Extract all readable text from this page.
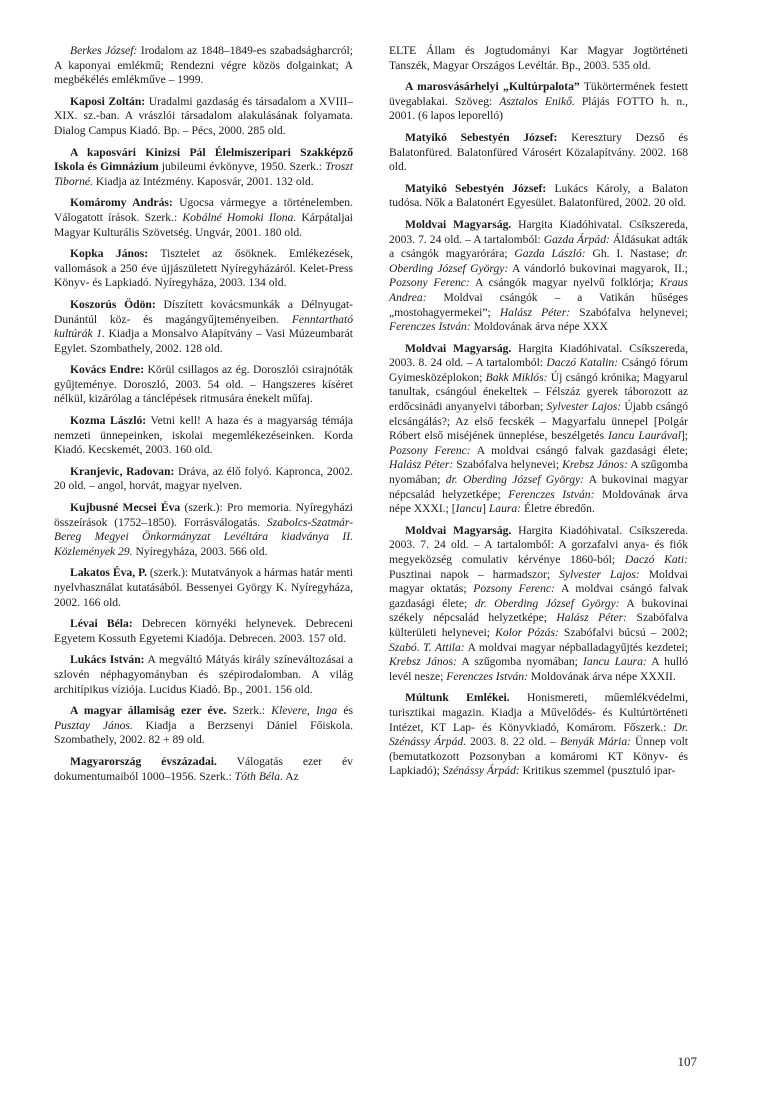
Berkes József: Irodalom az 1848–1849-es szabadságharcról; A kaponyai emlékmű; Rendezni végre közös dolgainkat; A megbékélés emlékműve – 1999.

Kaposi Zoltán: Uradalmi gazdaság és társadalom a XVIII–XIX. sz.-ban. A vrászlói társadalom alakulásának folyamata. Dialog Campus Kiadó. Bp. – Pécs, 2000. 285 old.

A kaposvári Kinizsi Pál Élelmiszeripari Szakképző Iskola és Gimnázium jubileumi évkönyve, 1950. Szerk.: Troszt Tiborné. Kiadja az Intézmény. Kaposvár, 2001. 132 old.

Komáromy András: Ugocsa vármegye a történelemben. Válogatott írások. Szerk.: Kobálné Homoki Ilona. Kárpátaljai Magyar Kulturális Szövetség. Ungvár, 2001. 180 old.

Kopka János: Tisztelet az ősöknek. Emlékezések, vallomások a 250 éve újjászületett Nyíregyházáról. Kelet-Press Könyv- és Lapkiadó. Nyíregyháza, 2003. 134 old.

Koszorús Ödön: Díszített kovácsmunkák a Délnyugat-Dunántúl köz- és magángyűjteményeiben. Fenntartható kultúrák 1. Kiadja a Monsalvo Alapítvány – Vasi Múzeumbarát Egylet. Szombathely, 2002. 128 old.

Kovács Endre: Körül csillagos az ég. Doroszlói csirajnóták gyűjteménye. Doroszló, 2003. 54 old. – Hangszeres kíséret nélkül, kizárólag a tánclépések ritmusára énekelt műfaj.

Kozma László: Vetni kell! A haza és a magyarság témája nemzeti ünnepeinken, iskolai megemlékezéseinken. Korda Kiadó. Kecskemét, 2003. 160 old.

Kranjevic, Radovan: Dráva, az élő folyó. Kapronca, 2002. 20 old. – angol, horvát, magyar nyelven.

Kujbusné Mecsei Éva (szerk.): Pro memoria. Nyíregyházi összeírások (1752–1850). Forrásválogatás. Szabolcs-Szatmár-Bereg Megyei Önkormányzat Levéltára kiadványa II. Közlemények 29. Nyíregyháza, 2003. 566 old.

Lakatos Éva, P. (szerk.): Mutatványok a hármas határ menti nyelvhasználat kutatásából. Bessenyei György K. Nyíregyháza, 2002. 166 old.

Lévai Béla: Debrecen környéki helynevek. Debreceni Egyetem Kossuth Egyetemi Kiadója. Debrecen. 2003. 157 old.

Lukács István: A megváltó Mátyás király színeváltozásai a szlovén néphagyományban és szépirodalomban. A világ architípikus víziója. Lucidus Kiadó. Bp., 2001. 156 old.

A magyar államiság ezer éve. Szerk.: Klevere, Inga és Pusztay János. Kiadja a Berzsenyi Dániel Főiskola. Szombathely, 2002. 82 + 89 old.

Magyarország évszázadai. Válogatás ezer év dokumentumaiból 1000–1956. Szerk.: Tóth Béla. Az

ELTE Állam és Jogtudományi Kar Magyar Jogtörténeti Tanszék, Magyar Országos Levéltár. Bp., 2003. 535 old.

A marosvásárhelyi „Kultúrpalota” Tükörtermének festett üvegablakai. Szöveg: Asztalos Enikő. Plájás FOTTO h. n., 2001. (6 lapos leporelló)

Matyikó Sebestyén József: Keresztury Dezső és Balatonfüred. Balatonfüred Városért Közalapítvány. 2002. 168 old.

Matyikó Sebestyén József: Lukács Károly, a Balaton tudósa. Nők a Balatonért Egyesület. Balatonfüred, 2002. 20 old.

Moldvai Magyarság. Hargita Kiadóhivatal. Csíkszereda, 2003. 7. 24 old. – A tartalomból: Gazda Árpád: Áldásukat adták a csángók magyarórára; Gazda László: Gh. I. Nastase; dr. Oberding József György: A vándorló bukovinai magyarok, II.; Pozsony Ferenc: A csángók magyar nyelvű folklórja; Kraus Andrea: Moldvai csángók – a Vatikán hűséges „mostohagyermekei”; Halász Péter: Szabófalva helynevei; Ferenczes István: Moldovának árva népe XXX

Moldvai Magyarság. Hargita Kiadóhivatal. Csíkszereda, 2003. 8. 24 old. – A tartalomból: Daczó Katalin: Csángó fórum Gyimesközéplokon; Bakk Miklós: Új csángó krónika; Magyarul tanultak, csángóul énekeltek – Félszáz gyerek táborozott az erdőcsinádi anyanyelvi táborban; Sylvester Lajos: Újabb csángó elcsángálás?; Az első fecskék – Magyarfalu ünnepel [Polgár Róbert első miséjének ünneplése, beszélgetés Iancu Laurával]; Pozsony Ferenc: A moldvai csángó falvak gazdasági élete; Halász Péter: Szabófalva helynevei; Krebsz János: A szűgomba nyomában; dr. Oberding József György: A bukovinai magyar népcsalád helyzetképe; Ferenczes István: Moldovának árva népe XXXI.; [Iancu] Laura: Életre ébredőn.

Moldvai Magyarság. Hargita Kiadóhivatal. Csíkszereda. 2003. 7. 24 old. – A tartalomból: A gorzafalvi anya- és fiók megyeközség comulativ kérvénye 1860-ból; Daczó Kati: Pusztinai napok – harmadszor; Sylvester Lajos: Moldvai magyar oktatás; Pozsony Ferenc: A moldvai csángó falvak gazdasági élete; dr. Oberding József György: A bukovinai székely népcsalád helyzetképe; Halász Péter: Szabófalva külterületi helynevei; Kolor Pózás: Szabófalvi búcsú – 2002; Szabó. T. Attila: A moldvai magyar népballadagyűjtés kezdetei; Krebsz János: A szűgomba nyomában; Iancu Laura: A hulló levél nesze; Ferenczes István: Moldovának árva népe XXXII.

Múltunk Emlékei. Honismereti, műemlékvédelmi, turisztikai magazin. Kiadja a Művelődés- és Kultúrtörténeti Intézet, KT Lap- és Könyvkiadó, Komárom. Főszerk.: Dr. Szénássy Árpád. 2003. 8. 22 old. – Benyák Mária: Ünnep volt (bemutatkozott Pozsonyban a komáromi KT Könyv- és Lapkiadó); Szénássy Árpád: Kritikus szemmel (pusztuló ipar-

107
